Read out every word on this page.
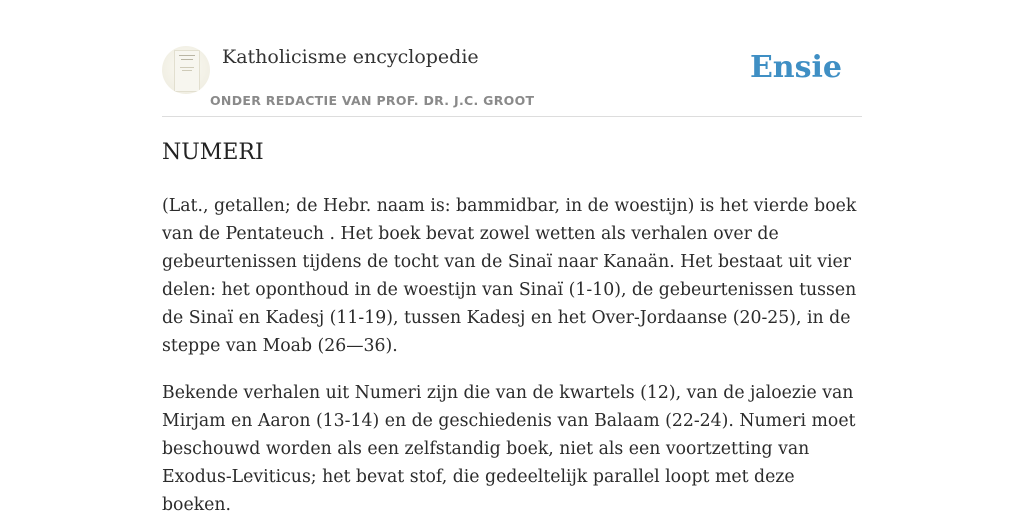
Katholicisme encyclopedie
ONDER REDACTIE VAN PROF. DR. J.C. GROOT
Ensie
NUMERI

(Lat., getallen; de Hebr. naam is: bammidbar, in de woestijn) is het vierde boek van de Pentateuch . Het boek bevat zowel wetten als verhalen over de gebeurtenissen tijdens de tocht van de Sinaï naar Kanaän. Het bestaat uit vier delen: het oponthoud in de woestijn van Sinaï (1-10), de gebeurtenissen tussen de Sinaï en Kadesj (11-19), tussen Kadesj en het Over-Jordaanse (20-25), in de steppe van Moab (26—36).

Bekende verhalen uit Numeri zijn die van de kwartels (12), van de jaloezie van Mirjam en Aaron (13-14) en de geschiedenis van Balaam (22-24). Numeri moet beschouwd worden als een zelfstandig boek, niet als een voortzetting van Exodus-Leviticus; het bevat stof, die gedeeltelijk parallel loopt met deze boeken.
